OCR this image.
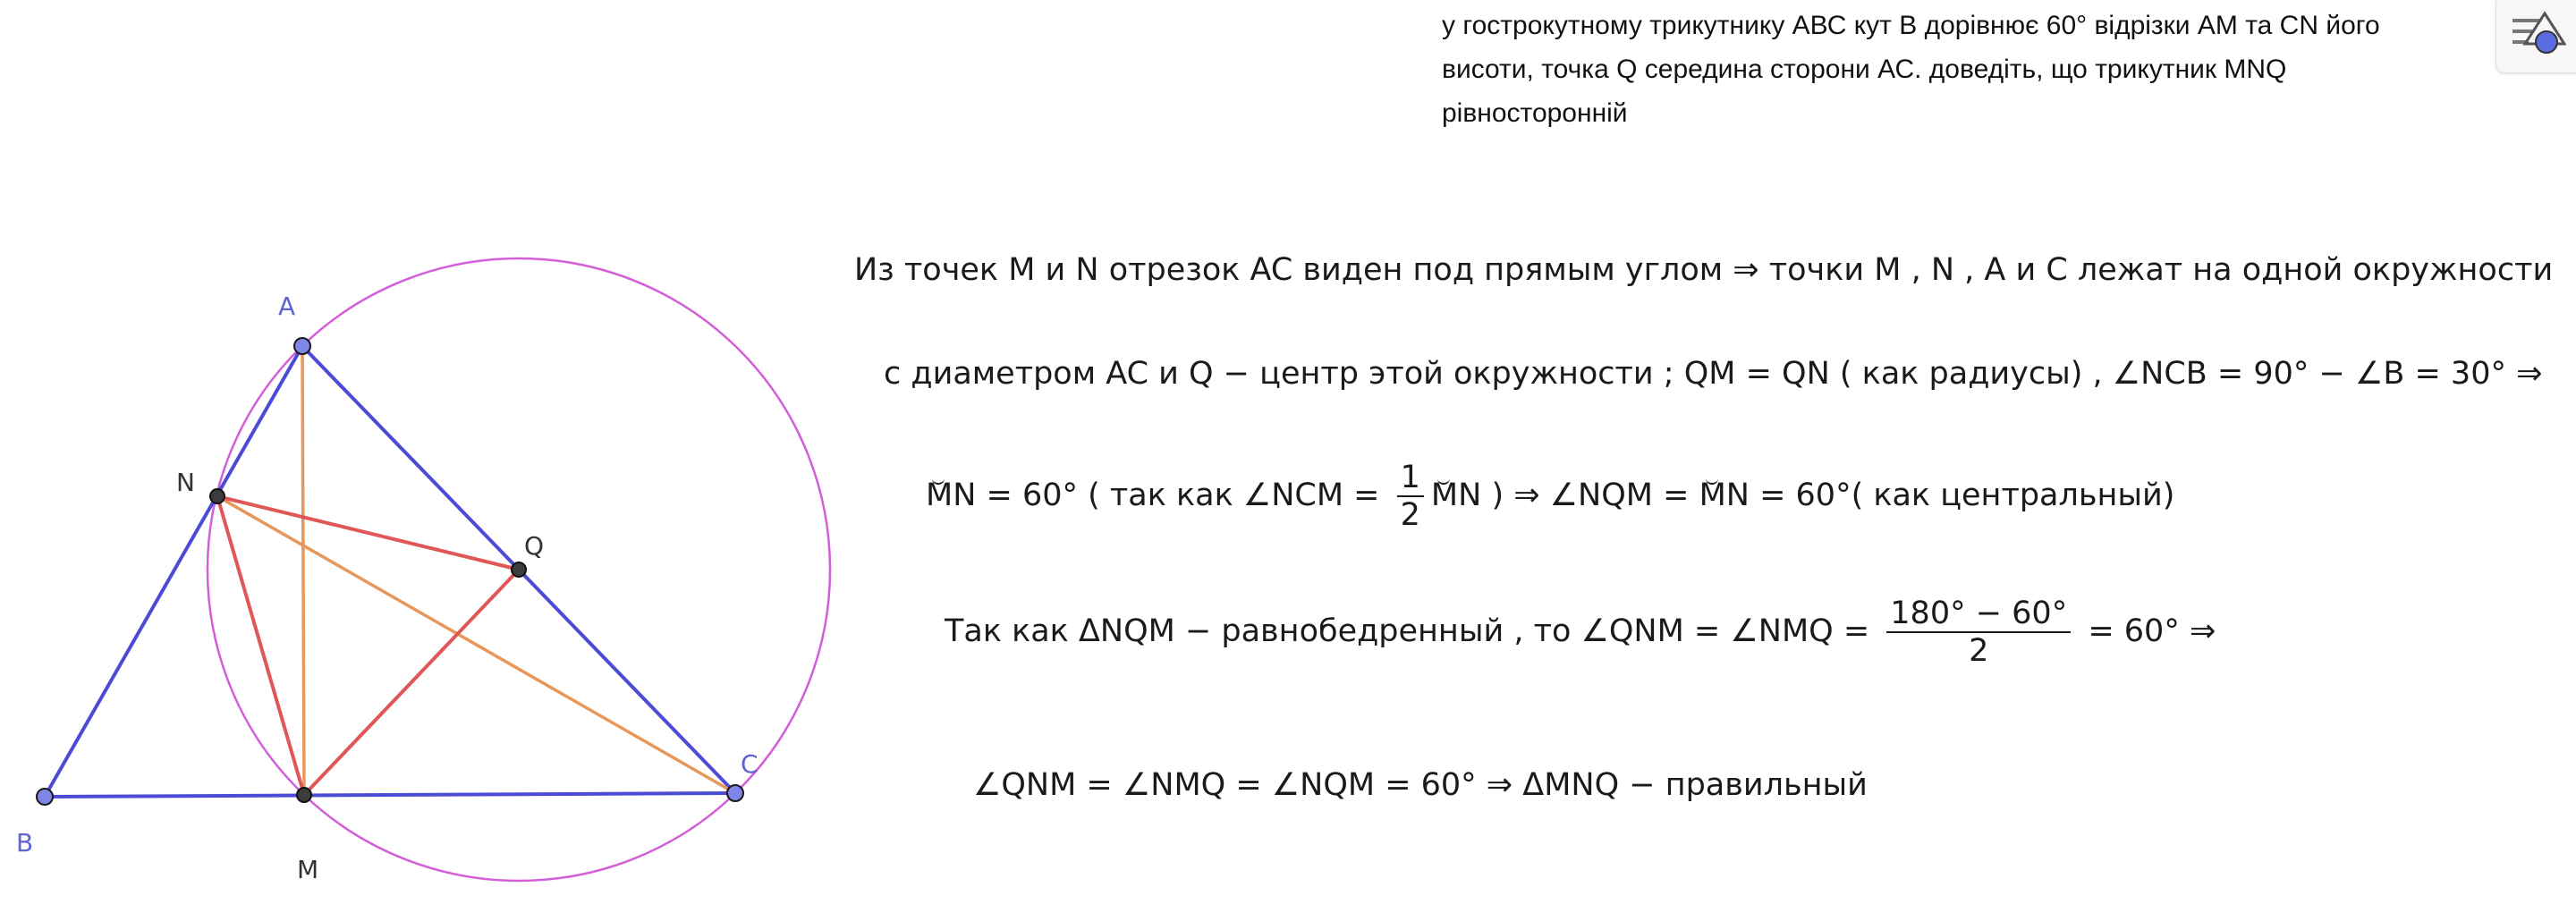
у гострокутному трикутнику АВС кут В дорівнює 60° відрізки АМ та CN його
висоти, точка Q середина сторони АС. доведіть, що трикутник MNQ
рівносторонній
A
B
C
N
M
Q
Из точек M и N отрезок AC виден под прямым углом ⇒ точки M , N , A и C лежат на одной окружности
с диаметром AC и Q − центр этой окружности ; QM = QN ( как радиусы) , ∠NCB = 90° − ∠B = 30° ⇒
MN = 60° ( так как ∠NCM = $\frac{1}{2}$ MN ) ⇒ ∠NQM = MN = 60°( как центральный)
Так как ΔNQM − равнобедренный , то ∠QNM = ∠NMQ = $\frac{180^\circ - 60^\circ}{2} = 60^\circ$ ⇒
∠QNM = ∠NMQ = ∠NQM = 60° ⇒ ΔMNQ − правильный
